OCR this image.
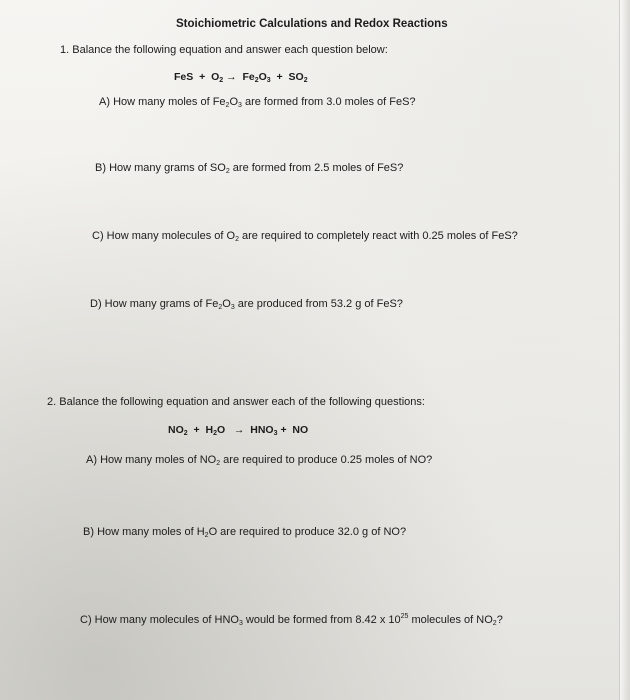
Stoichiometric Calculations and Redox Reactions
1. Balance the following equation and answer each question below:
FeS + $O_2 \to Fe_2O_3 + SO_2$
A) How many moles of $Fe_2O_3$ are formed from 3.0 moles of FeS?
B) How many grams of $SO_2$ are formed from 2.5 moles of FeS?
C) How many molecules of $O_2$ are required to completely react with 0.25 moles of FeS?
D) How many grams of $Fe_2O_3$ are produced from 53.2 g of FeS?
2. Balance the following equation and answer each of the following questions:
$NO_2 + H_2O \to HNO_3$ + NO
A) How many moles of $NO_2$ are required to produce 0.25 moles of NO?
B) How many moles of $H_2O$ are required to produce 32.0 g of NO?
C) How many molecules of $HNO_3$ would be formed from 8.42 x $10^{25}$ molecules of $NO_2$?
